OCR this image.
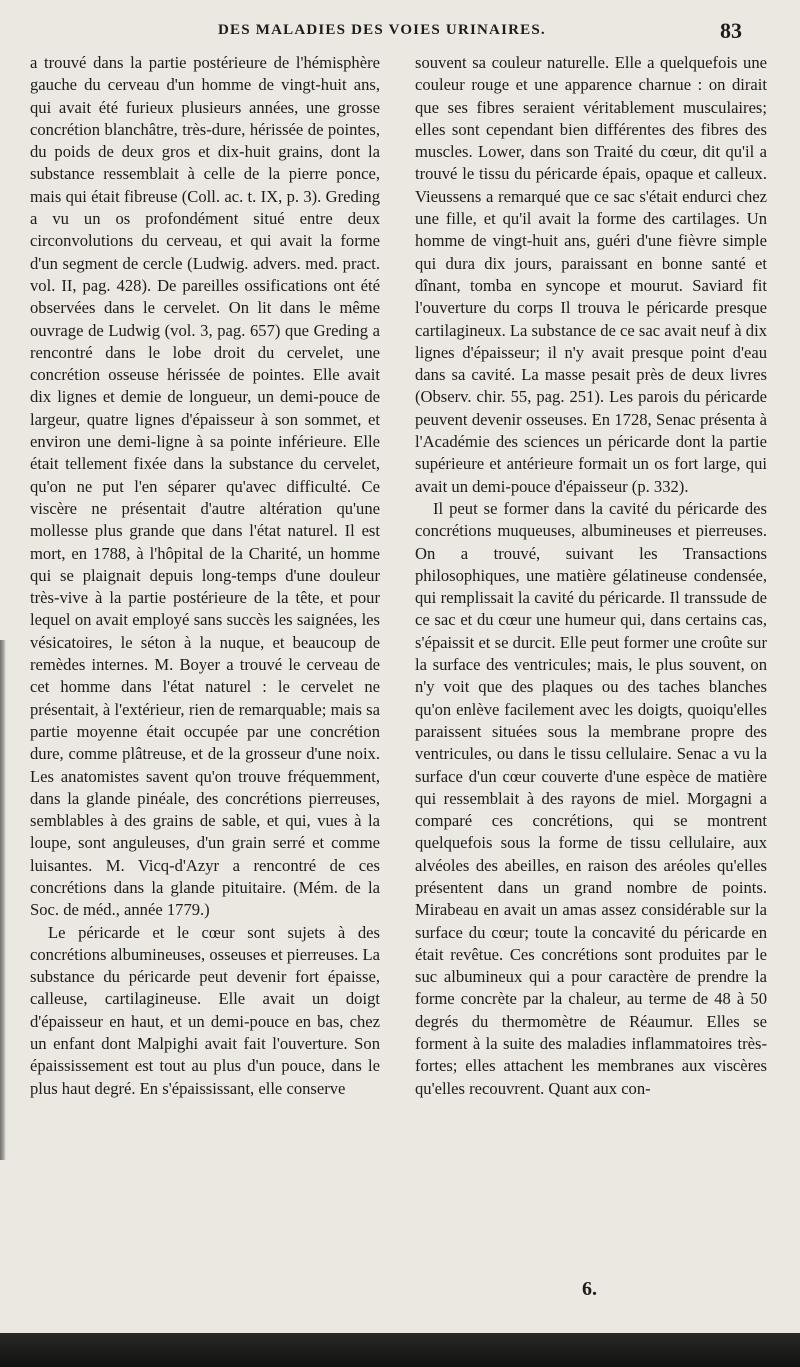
DES MALADIES DES VOIES URINAIRES.	83

a trouvé dans la partie postérieure de l'hémisphère gauche du cerveau d'un homme de vingt-huit ans, qui avait été furieux plusieurs années, une grosse concrétion blanchâtre, très-dure, hérissée de pointes, du poids de deux gros et dix-huit grains, dont la substance ressemblait à celle de la pierre ponce, mais qui était fibreuse (Coll. ac. t. IX, p. 3). Greding a vu un os profondément situé entre deux circonvolutions du cerveau, et qui avait la forme d'un segment de cercle (Ludwig. advers. med. pract. vol. II, pag. 428). De pareilles ossifications ont été observées dans le cervelet. On lit dans le même ouvrage de Ludwig (vol. 3, pag. 657) que Greding a rencontré dans le lobe droit du cervelet, une concrétion osseuse hérissée de pointes. Elle avait dix lignes et demie de longueur, un demi-pouce de largeur, quatre lignes d'épaisseur à son sommet, et environ une demi-ligne à sa pointe inférieure. Elle était tellement fixée dans la substance du cervelet, qu'on ne put l'en séparer qu'avec difficulté. Ce viscère ne présentait d'autre altération qu'une mollesse plus grande que dans l'état naturel. Il est mort, en 1788, à l'hôpital de la Charité, un homme qui se plaignait depuis long-temps d'une douleur très-vive à la partie postérieure de la tête, et pour lequel on avait employé sans succès les saignées, les vésicatoires, le séton à la nuque, et beaucoup de remèdes internes. M. Boyer a trouvé le cerveau de cet homme dans l'état naturel : le cervelet ne présentait, à l'extérieur, rien de remarquable; mais sa partie moyenne était occupée par une concrétion dure, comme plâtreuse, et de la grosseur d'une noix. Les anatomistes savent qu'on trouve fréquemment, dans la glande pinéale, des concrétions pierreuses, semblables à des grains de sable, et qui, vues à la loupe, sont anguleuses, d'un grain serré et comme luisantes. M. Vicq-d'Azyr a rencontré de ces concrétions dans la glande pituitaire. (Mém. de la Soc. de méd., année 1779.)

Le péricarde et le cœur sont sujets à des concrétions albumineuses, osseuses et pierreuses. La substance du péricarde peut devenir fort épaisse, calleuse, cartilagineuse. Elle avait un doigt d'épaisseur en haut, et un demi-pouce en bas, chez un enfant dont Malpighi avait fait l'ouverture. Son épaississement est tout au plus d'un pouce, dans le plus haut degré. En s'épaississant, elle conserve

souvent sa couleur naturelle. Elle a quelquefois une couleur rouge et une apparence charnue : on dirait que ses fibres seraient véritablement musculaires; elles sont cependant bien différentes des fibres des muscles. Lower, dans son Traité du cœur, dit qu'il a trouvé le tissu du péricarde épais, opaque et calleux. Vieussens a remarqué que ce sac s'était endurci chez une fille, et qu'il avait la forme des cartilages. Un homme de vingt-huit ans, guéri d'une fièvre simple qui dura dix jours, paraissant en bonne santé et dînant, tomba en syncope et mourut. Saviard fit l'ouverture du corps Il trouva le péricarde presque cartilagineux. La substance de ce sac avait neuf à dix lignes d'épaisseur; il n'y avait presque point d'eau dans sa cavité. La masse pesait près de deux livres (Observ. chir. 55, pag. 251). Les parois du péricarde peuvent devenir osseuses. En 1728, Senac présenta à l'Académie des sciences un péricarde dont la partie supérieure et antérieure formait un os fort large, qui avait un demi-pouce d'épaisseur (p. 332).

Il peut se former dans la cavité du péricarde des concrétions muqueuses, albumineuses et pierreuses. On a trouvé, suivant les Transactions philosophiques, une matière gélatineuse condensée, qui remplissait la cavité du péricarde. Il transsude de ce sac et du cœur une humeur qui, dans certains cas, s'épaissit et se durcit. Elle peut former une croûte sur la surface des ventricules; mais, le plus souvent, on n'y voit que des plaques ou des taches blanches qu'on enlève facilement avec les doigts, quoiqu'elles paraissent situées sous la membrane propre des ventricules, ou dans le tissu cellulaire. Senac a vu la surface d'un cœur couverte d'une espèce de matière qui ressemblait à des rayons de miel. Morgagni a comparé ces concrétions, qui se montrent quelquefois sous la forme de tissu cellulaire, aux alvéoles des abeilles, en raison des aréoles qu'elles présentent dans un grand nombre de points. Mirabeau en avait un amas assez considérable sur la surface du cœur; toute la concavité du péricarde en était revêtue. Ces concrétions sont produites par le suc albumineux qui a pour caractère de prendre la forme concrète par la chaleur, au terme de 48 à 50 degrés du thermomètre de Réaumur. Elles se forment à la suite des maladies inflammatoires très-fortes; elles attachent les membranes aux viscères qu'elles recouvrent. Quant aux con-

6.
